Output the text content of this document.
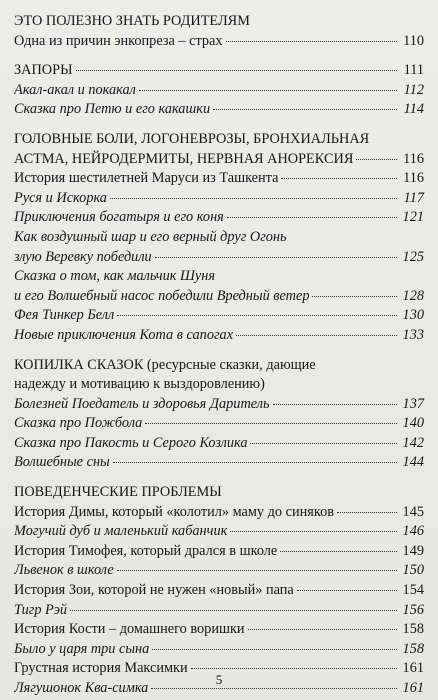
ЭТО ПОЛЕЗНО ЗНАТЬ РОДИТЕЛЯМ
Одна из причин энкопреза – страх	110
ЗАПОРЫ	111
Акал-акал и покакал	112
Сказка про Петю и его какашки	114
ГОЛОВНЫЕ БОЛИ, ЛОГОНЕВРОЗЫ, БРОНХИАЛЬНАЯ
АСТМА, НЕЙРОДЕРМИТЫ, НЕРВНАЯ АНОРЕКСИЯ	116
История шестилетней Маруси из Ташкента	116
Руся и Искорка	117
Приключения богатыря и его коня	121
Как воздушный шар и его верный друг Огонь
злую Веревку победили	125
Сказка о том, как мальчик Шуня
и его Волшебный насос победили Вредный ветер	128
Фея Тинкер Белл	130
Новые приключения Кота в сапогах	133
КОПИЛКА СКАЗОК (ресурсные сказки, дающие
надежду и мотивацию к выздоровлению)
Болезней Поедатель и здоровья Даритель	137
Сказка про Пожбола	140
Сказка про Пакость и Серого Козлика	142
Волшебные сны	144
ПОВЕДЕНЧЕСКИЕ ПРОБЛЕМЫ
История Димы, который «колотил» маму до синяков	145
Могучий дуб и маленький кабанчик	146
История Тимофея, который дрался в школе	149
Львенок в школе	150
История Зои, которой не нужен «новый» папа	154
Тигр Рэй	156
История Кости – домашнего воришки	158
Было у царя три сына	158
Грустная история Максимки	161
Лягушонок Ква-симка	161
5
